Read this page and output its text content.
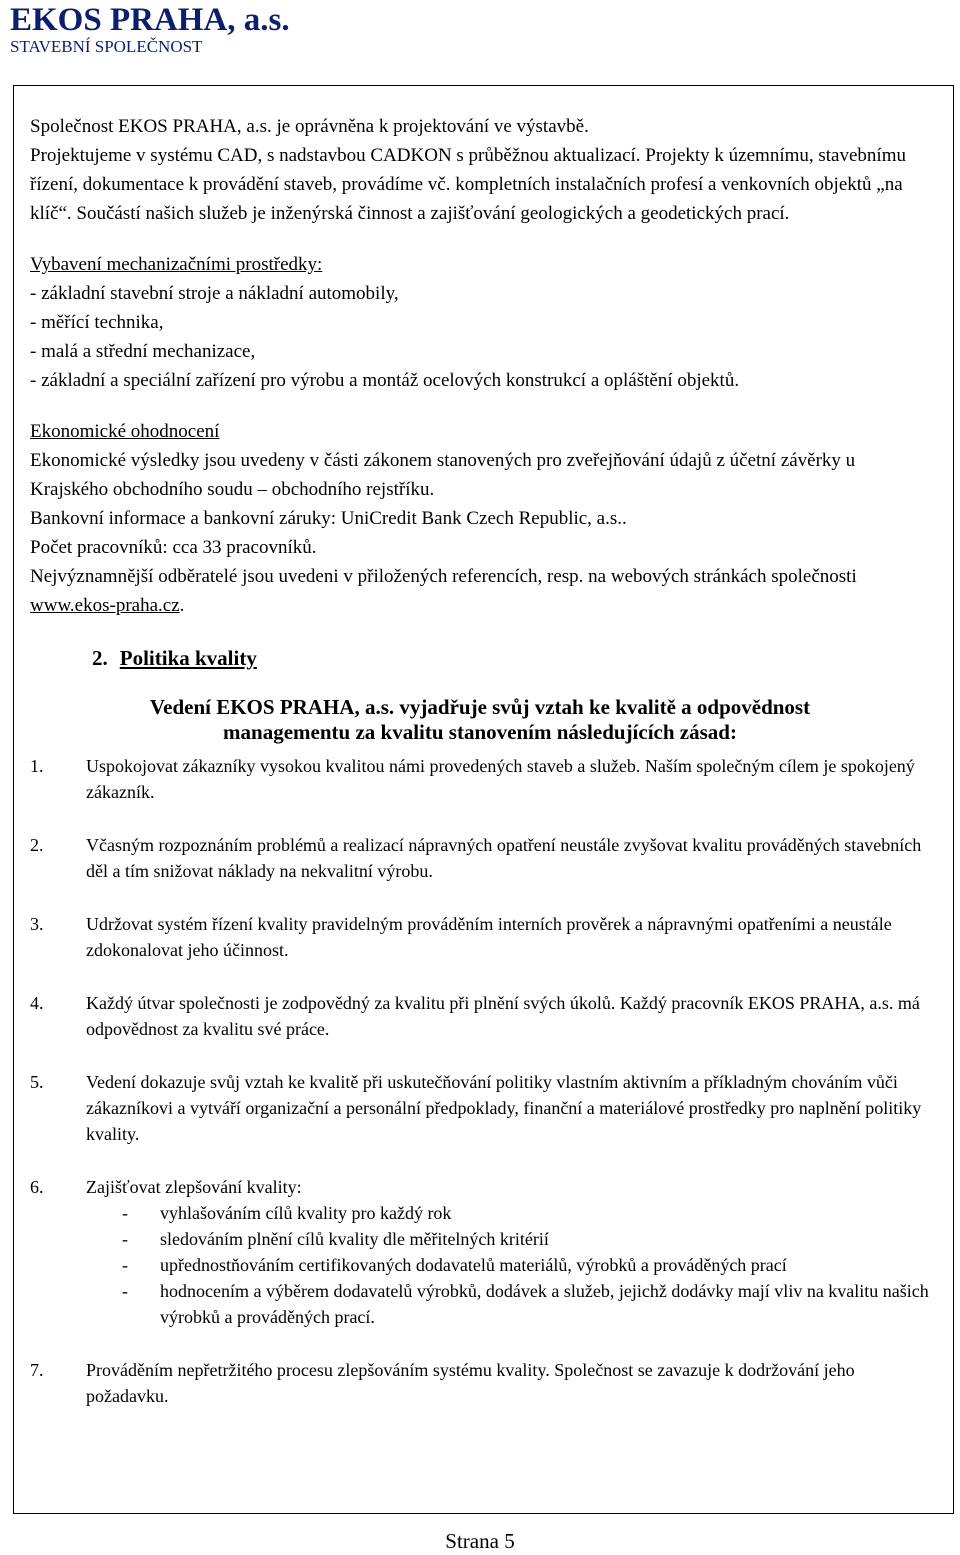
EKOS PRAHA, a.s.
STAVEBNÍ SPOLEČNOST

Společnost EKOS PRAHA, a.s. je oprávněna k projektování ve výstavbě.

Projektujeme v systému CAD, s nadstavbou CADKON s průběžnou aktualizací. Projekty k územnímu, stavebnímu řízení, dokumentace k provádění staveb, provádíme vč. kompletních instalačních profesí a venkovních objektů „na klíč“. Součástí našich služeb je inženýrská činnost a zajišťování geologických a geodetických prací.

Vybavení mechanizačními prostředky:

- základní stavební stroje a nákladní automobily,

- měřící technika,

- malá a střední mechanizace,

- základní a speciální zařízení pro výrobu a montáž ocelových konstrukcí a opláštění objektů.

Ekonomické ohodnocení

Ekonomické výsledky jsou uvedeny v části zákonem stanovených pro zveřejňování údajů z účetní závěrky u Krajského obchodního soudu – obchodního rejstříku.

Bankovní informace a bankovní záruky: UniCredit Bank Czech Republic, a.s..

Počet pracovníků: cca 33 pracovníků.

Nejvýznamnější odběratelé jsou uvedeni v přiložených referencích, resp. na webových stránkách společnosti www.ekos-praha.cz.

2. Politika kvality
Vedení EKOS PRAHA, a.s. vyjadřuje svůj vztah ke kvalitě a odpovědnost
managementu za kvalitu stanovením následujících zásad:
1.	Uspokojovat zákazníky vysokou kvalitou námi provedených staveb a služeb. Naším společným cílem je spokojený zákazník.
2.	Včasným rozpoznáním problémů a realizací nápravných opatření neustále zvyšovat kvalitu prováděných stavebních děl a tím snižovat náklady na nekvalitní výrobu.
3.	Udržovat systém řízení kvality pravidelným prováděním interních prověrek a nápravnými opatřeními a neustále zdokonalovat jeho účinnost.
4.	Každý útvar společnosti je zodpovědný za kvalitu při plnění svých úkolů. Každý pracovník EKOS PRAHA, a.s. má odpovědnost za kvalitu své práce.
5.	Vedení dokazuje svůj vztah ke kvalitě při uskutečňování politiky vlastním aktivním a příkladným chováním vůči zákazníkovi a vytváří organizační a personální předpoklady, finanční a materiálové prostředky pro naplnění politiky kvality.
6.	Zajišťovat zlepšování kvality:
-	vyhlašováním cílů kvality pro každý rok
-	sledováním plnění cílů kvality dle měřitelných kritérií
-	upřednostňováním certifikovaných dodavatelů materiálů, výrobků a prováděných prací
-	hodnocením a výběrem dodavatelů výrobků, dodávek a služeb, jejichž dodávky mají vliv na kvalitu našich výrobků a prováděných prací.
7.	Prováděním nepřetržitého procesu zlepšováním systému kvality. Společnost se zavazuje k dodržování jeho požadavku.
Strana 5
